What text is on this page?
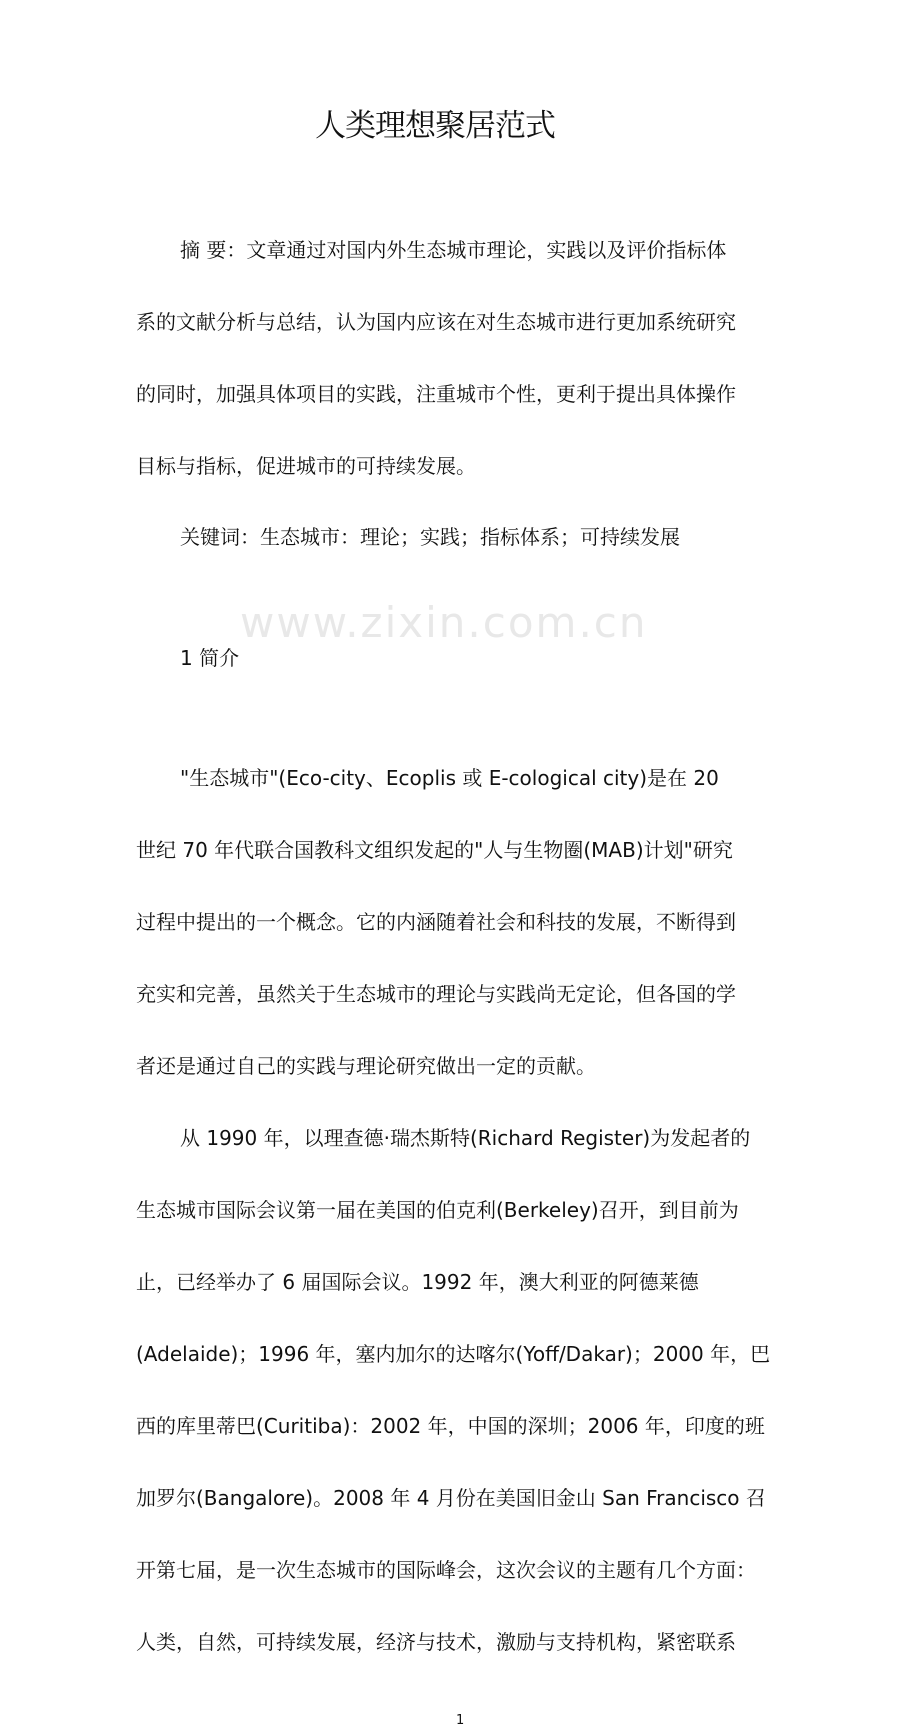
www.zixin.com.cn
人类理想聚居范式
摘 要：文章通过对国内外生态城市理论，实践以及评价指标体
系的文献分析与总结，认为国内应该在对生态城市进行更加系统研究
的同时，加强具体项目的实践，注重城市个性，更利于提出具体操作
目标与指标，促进城市的可持续发展。
关键词：生态城市：理论；实践；指标体系；可持续发展
1 简介
"生态城市"(Eco-city、Ecoplis 或 E-cological city)是在 20
世纪 70 年代联合国教科文组织发起的"人与生物圈(MAB)计划"研究
过程中提出的一个概念。它的内涵随着社会和科技的发展，不断得到
充实和完善，虽然关于生态城市的理论与实践尚无定论，但各国的学
者还是通过自己的实践与理论研究做出一定的贡献。
从 1990 年，以理查德·瑞杰斯特(Richard Register)为发起者的
生态城市国际会议第一届在美国的伯克利(Berkeley)召开，到目前为
止，已经举办了 6 届国际会议。1992 年，澳大利亚的阿德莱德
(Adelaide)；1996 年，塞内加尔的达喀尔(Yoff/Dakar)；2000 年，巴
西的库里蒂巴(Curitiba)：2002 年，中国的深圳；2006 年，印度的班
加罗尔(Bangalore)。2008 年 4 月份在美国旧金山 San Francisco 召
开第七届，是一次生态城市的国际峰会，这次会议的主题有几个方面：
人类，自然，可持续发展，经济与技术，激励与支持机构，紧密联系
1
